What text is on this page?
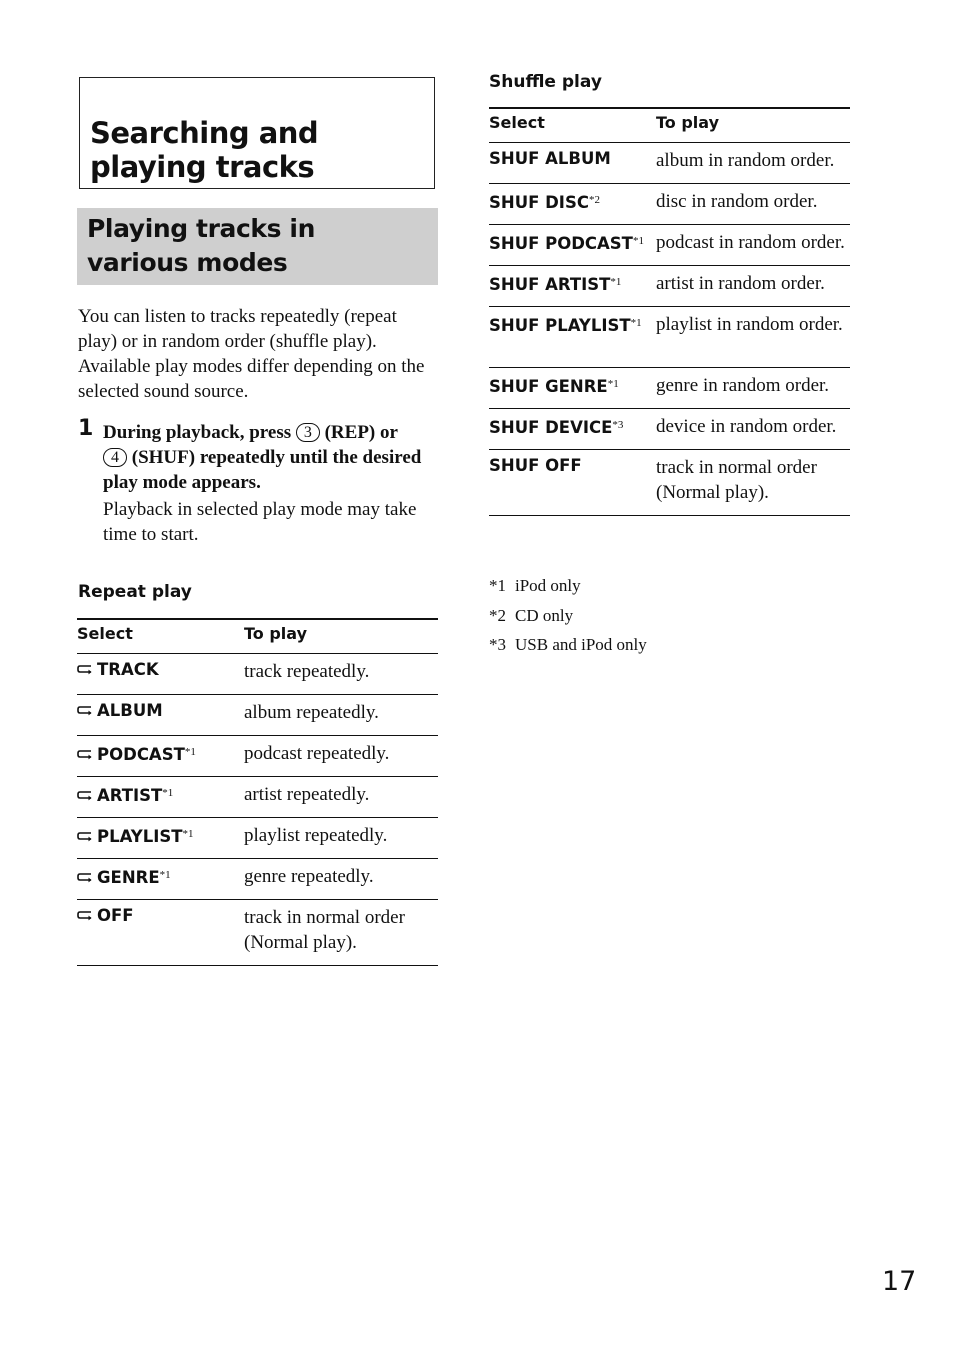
Searching and playing tracks
Playing tracks in various modes

You can listen to tracks repeatedly (repeat play) or in random order (shuffle play). Available play modes differ depending on the selected sound source.

1 During playback, press 3 (REP) or
4 (SHUF) repeatedly until the desired play mode appears.

Playback in selected play mode may take time to start.

Repeat play
Select	To play
TRACK	track repeatedly.
ALBUM	album repeatedly.
PODCAST$^{*1}$	podcast repeatedly.
ARTIST$^{*1}$	artist repeatedly.
PLAYLIST$^{*1}$	playlist repeatedly.
GENRE$^{*1}$	genre repeatedly.
OFF	track in normal order (Normal play).
Shuffle play
Select	To play
SHUF ALBUM	album in random order.
SHUF DISC$^{*2}$	disc in random order.
SHUF PODCAST$^{*1}$	podcast in random order.
SHUF ARTIST$^{*1}$	artist in random order.
SHUF PLAYLIST$^{*1}$	playlist in random order.
SHUF GENRE$^{*1}$	genre in random order.
SHUF DEVICE$^{*3}$	device in random order.
SHUF OFF	track in normal order (Normal play).
*1 iPod only
*2 CD only
*3 USB and iPod only
17
